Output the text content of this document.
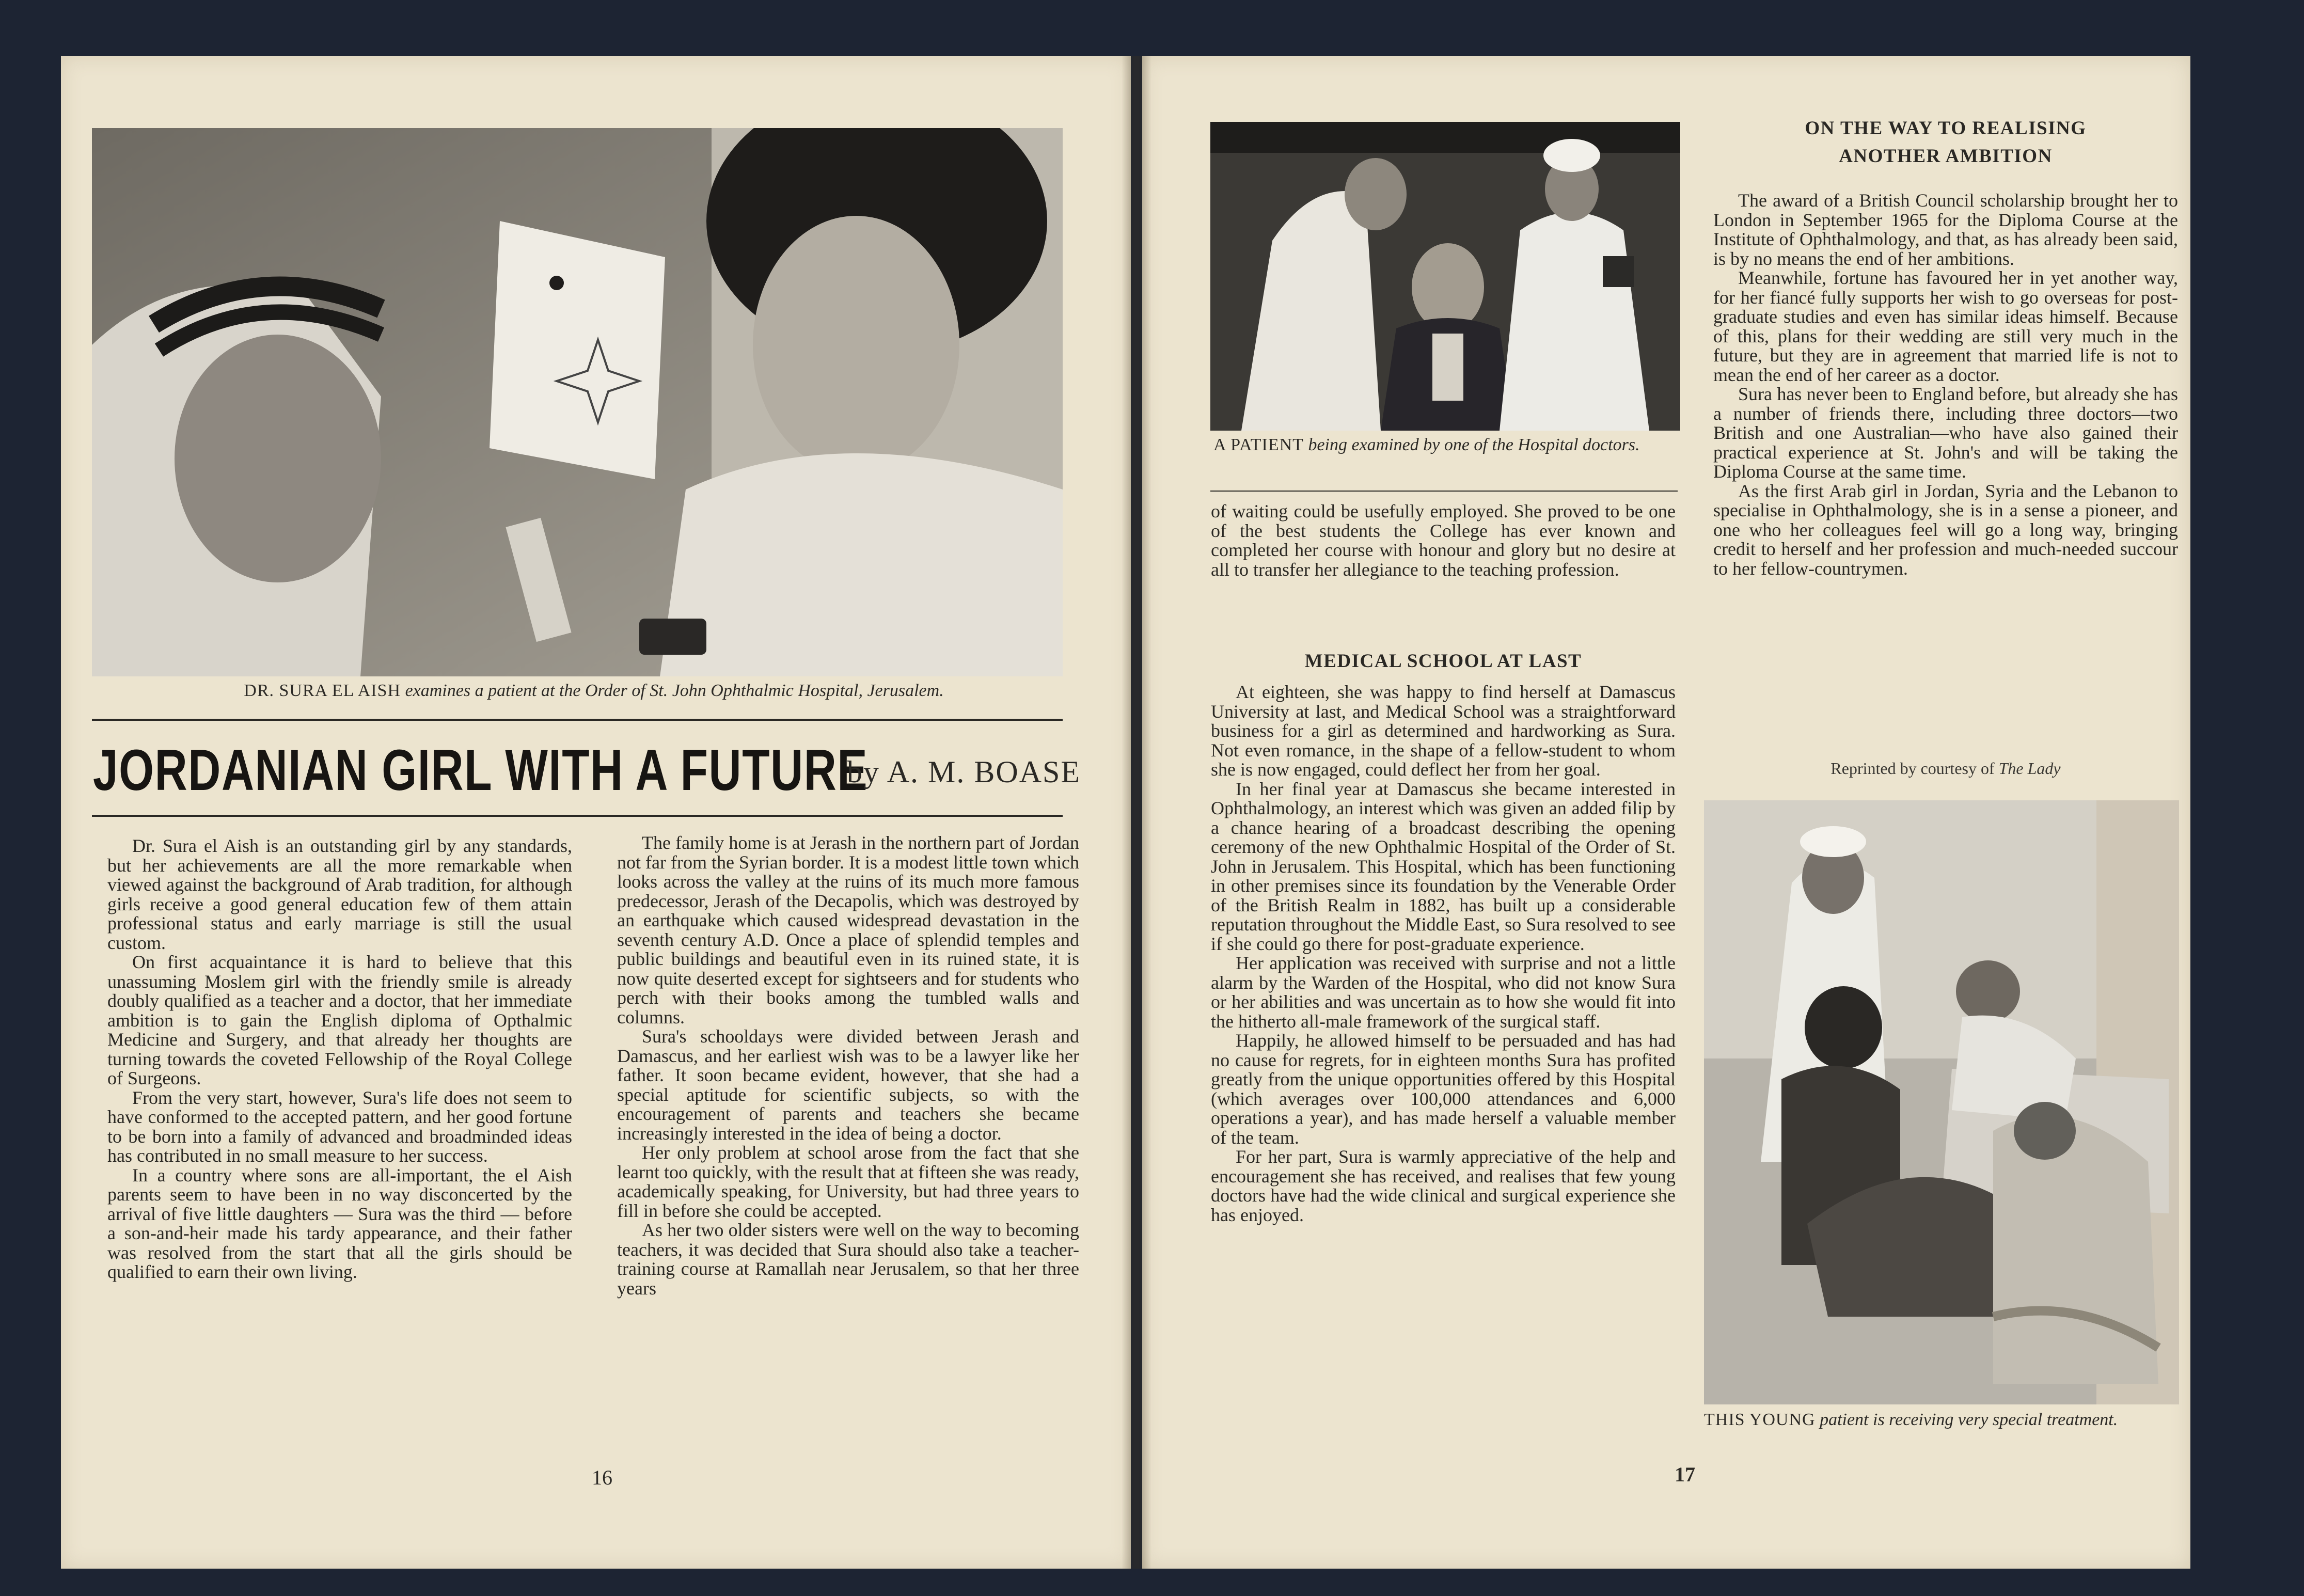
DR. SURA EL AISH examines a patient at the Order of St. John Ophthalmic Hospital, Jerusalem.
JORDANIAN GIRL WITH A FUTURE
by A. M. BOASE

Dr. Sura el Aish is an outstanding girl by any standards, but her achievements are all the more remarkable when viewed against the background of Arab tradition, for although girls receive a good general education few of them attain professional status and early marriage is still the usual custom.

On first acquaintance it is hard to believe that this unassuming Moslem girl with the friendly smile is already doubly qualified as a teacher and a doctor, that her immediate ambition is to gain the English diploma of Opthalmic Medicine and Surgery, and that already her thoughts are turning towards the coveted Fellowship of the Royal College of Surgeons.

From the very start, however, Sura's life does not seem to have conformed to the accepted pattern, and her good fortune to be born into a family of advanced and broadminded ideas has contributed in no small measure to her success.

In a country where sons are all-important, the el Aish parents seem to have been in no way disconcerted by the arrival of five little daughters — Sura was the third — before a son-and-heir made his tardy appearance, and their father was resolved from the start that all the girls should be qualified to earn their own living.

The family home is at Jerash in the northern part of Jordan not far from the Syrian border. It is a modest little town which looks across the valley at the ruins of its much more famous predecessor, Jerash of the Decapolis, which was destroyed by an earthquake which caused widespread devastation in the seventh century A.D. Once a place of splendid temples and public buildings and beautiful even in its ruined state, it is now quite deserted except for sightseers and for students who perch with their books among the tumbled walls and columns.

Sura's schooldays were divided between Jerash and Damascus, and her earliest wish was to be a lawyer like her father. It soon became evident, however, that she had a special aptitude for scientific subjects, so with the encouragement of parents and teachers she became increasingly interested in the idea of being a doctor.

Her only problem at school arose from the fact that she learnt too quickly, with the result that at fifteen she was ready, academically speaking, for University, but had three years to fill in before she could be accepted.

As her two older sisters were well on the way to becoming teachers, it was decided that Sura should also take a teacher-training course at Ramallah near Jerusalem, so that her three years

16
A PATIENT being examined by one of the Hospital doctors.

of waiting could be usefully employed. She proved to be one of the best students the College has ever known and completed her course with honour and glory but no desire at all to transfer her allegiance to the teaching profession.

MEDICAL SCHOOL AT LAST

At eighteen, she was happy to find herself at Damascus University at last, and Medical School was a straightforward business for a girl as determined and hardworking as Sura. Not even romance, in the shape of a fellow-student to whom she is now engaged, could deflect her from her goal.

In her final year at Damascus she became interested in Ophthalmology, an interest which was given an added filip by a chance hearing of a broadcast describing the opening ceremony of the new Ophthalmic Hospital of the Order of St. John in Jerusalem. This Hospital, which has been functioning in other premises since its foundation by the Venerable Order of the British Realm in 1882, has built up a considerable reputation throughout the Middle East, so Sura resolved to see if she could go there for post-graduate experience.

Her application was received with surprise and not a little alarm by the Warden of the Hospital, who did not know Sura or her abilities and was uncertain as to how she would fit into the hitherto all-male framework of the surgical staff.

Happily, he allowed himself to be persuaded and has had no cause for regrets, for in eighteen months Sura has profited greatly from the unique opportunities offered by this Hospital (which averages over 100,000 attendances and 6,000 operations a year), and has made herself a valuable member of the team.

For her part, Sura is warmly appreciative of the help and encouragement she has received, and realises that few young doctors have had the wide clinical and surgical experience she has enjoyed.

ON THE WAY TO REALISING
ANOTHER AMBITION

The award of a British Council scholarship brought her to London in September 1965 for the Diploma Course at the Institute of Ophthalmology, and that, as has already been said, is by no means the end of her ambitions.

Meanwhile, fortune has favoured her in yet another way, for her fiancé fully supports her wish to go overseas for post-graduate studies and even has similar ideas himself. Because of this, plans for their wedding are still very much in the future, but they are in agreement that married life is not to mean the end of her career as a doctor.

Sura has never been to England before, but already she has a number of friends there, including three doctors—two British and one Australian—who have also gained their practical experience at St. John's and will be taking the Diploma Course at the same time.

As the first Arab girl in Jordan, Syria and the Lebanon to specialise in Ophthalmology, she is in a sense a pioneer, and one who her colleagues feel will go a long way, bringing credit to herself and her profession and much-needed succour to her fellow-countrymen.

Reprinted by courtesy of The Lady
THIS YOUNG patient is receiving very special treatment.
17
